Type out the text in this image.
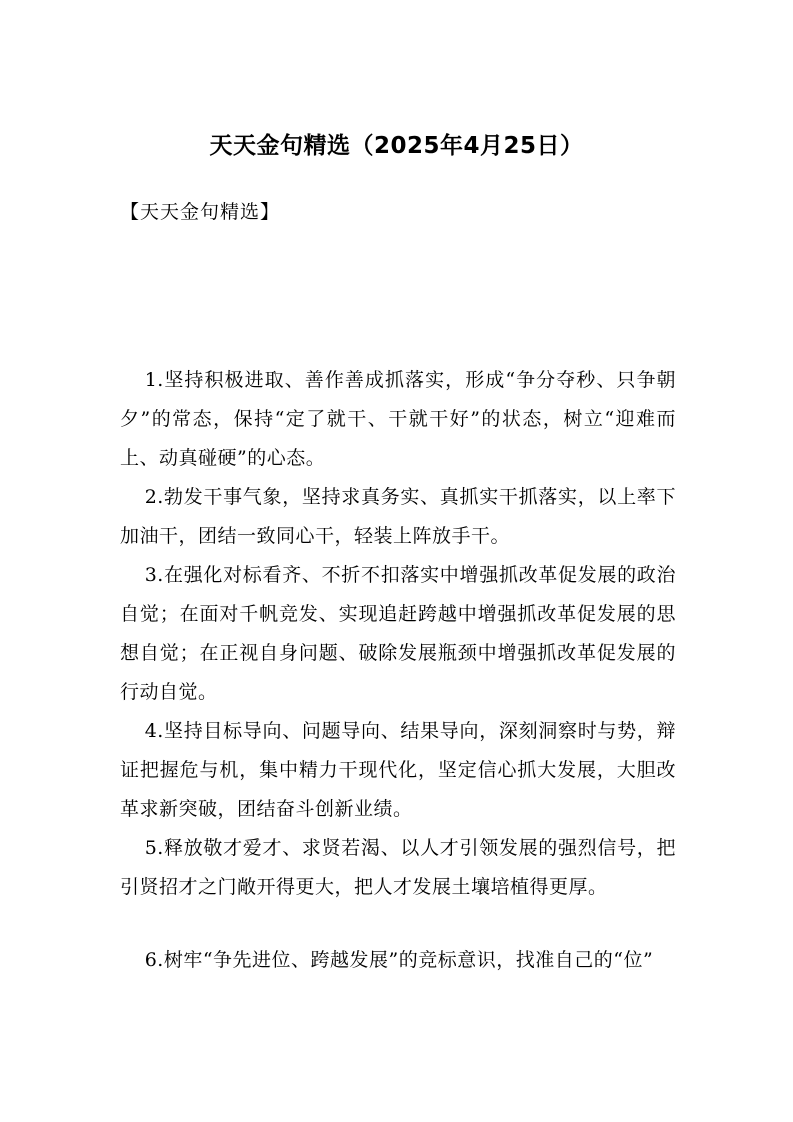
天天金句精选（2025年4月25日）

【天天金句精选】

1.坚持积极进取、善作善成抓落实，形成“争分夺秒、只争朝夕”的常态，保持“定了就干、干就干好”的状态，树立“迎难而上、动真碰硬”的心态。

2.勃发干事气象，坚持求真务实、真抓实干抓落实，以上率下加油干，团结一致同心干，轻装上阵放手干。

3.在强化对标看齐、不折不扣落实中增强抓改革促发展的政治自觉；在面对千帆竞发、实现追赶跨越中增强抓改革促发展的思想自觉；在正视自身问题、破除发展瓶颈中增强抓改革促发展的行动自觉。

4.坚持目标导向、问题导向、结果导向，深刻洞察时与势，辩证把握危与机，集中精力干现代化，坚定信心抓大发展，大胆改革求新突破，团结奋斗创新业绩。

5.释放敬才爱才、求贤若渴、以人才引领发展的强烈信号，把引贤招才之门敞开得更大，把人才发展土壤培植得更厚。

6.树牢“争先进位、跨越发展”的竞标意识，找准自己的“位”
